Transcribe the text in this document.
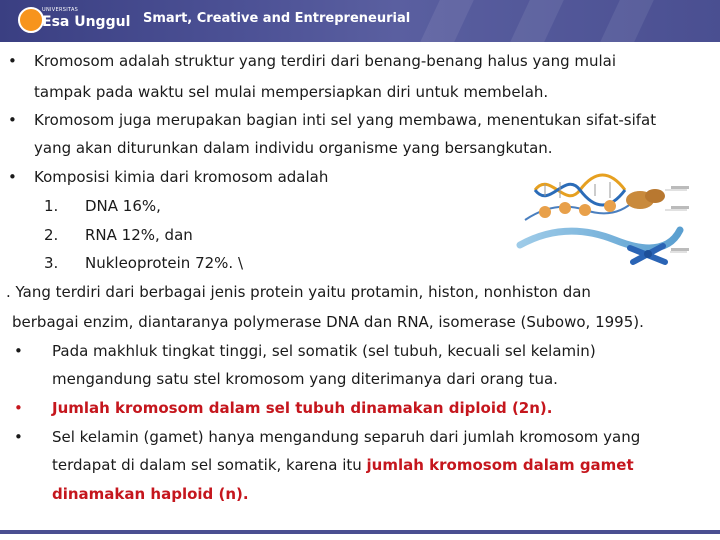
UNIVERSITAS
Esa Unggul Smart, Creative and Entrepreneurial
• Kromosom adalah struktur yang terdiri dari benang-benang halus yang mulai
tampak pada waktu sel mulai mempersiapkan diri untuk membelah.
• Kromosom juga merupakan bagian inti sel yang membawa, menentukan sifat-sifat
yang akan diturunkan dalam individu organisme yang bersangkutan.
• Komposisi kimia dari kromosom adalah
1. DNA 16%,
2. RNA 12%, dan
3. Nukleoprotein 72%. \
. Yang terdiri dari berbagai jenis protein yaitu protamin, histon, nonhiston dan
berbagai enzim, diantaranya polymerase DNA dan RNA, isomerase (Subowo, 1995).
• Pada makhluk tingkat tinggi, sel somatik (sel tubuh, kecuali sel kelamin)
mengandung satu stel kromosom yang diterimanya dari orang tua.
• Jumlah kromosom dalam sel tubuh dinamakan diploid (2n).
• Sel kelamin (gamet) hanya mengandung separuh dari jumlah kromosom yang
terdapat di dalam sel somatik, karena itu jumlah kromosom dalam gamet
dinamakan haploid (n).
